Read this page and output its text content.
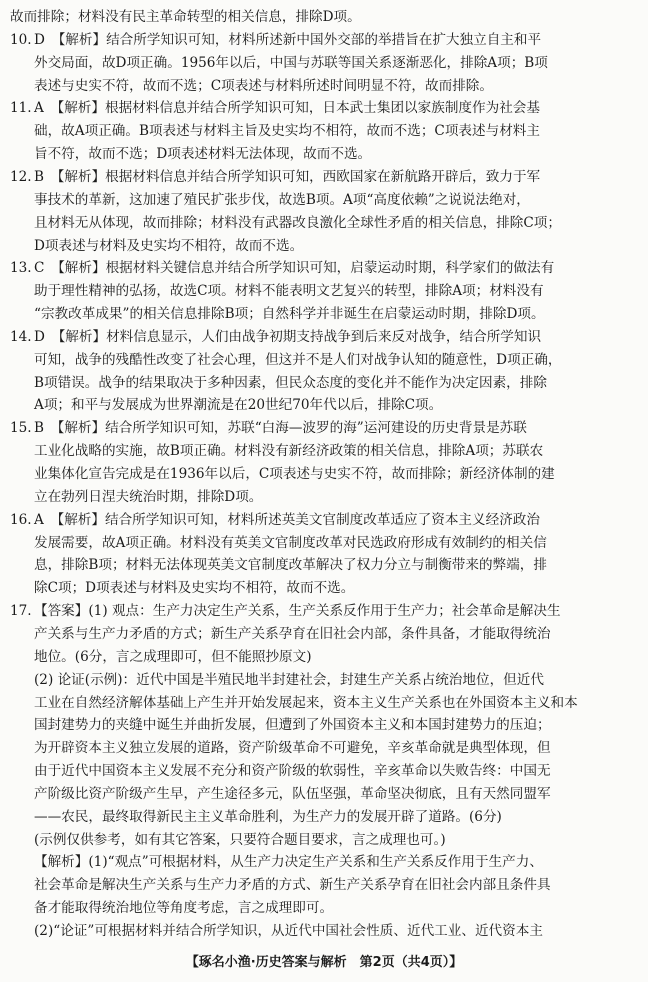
故而排除；材料没有民主革命转型的相关信息，排除D项。
10. D　【解析】结合所学知识可知，材料所述新中国外交部的举措旨在扩大独立自主和平
外交局面，故D项正确。1956年以后，中国与苏联等国关系逐渐恶化，排除A项；B项
表述与史实不符，故而不选；C项表述与材料所述时间明显不符，故而排除。
11. A　【解析】根据材料信息并结合所学知识可知，日本武士集团以家族制度作为社会基
础，故A项正确。B项表述与材料主旨及史实均不相符，故而不选；C项表述与材料主
旨不符，故而不选；D项表述材料无法体现，故而不选。
12. B　【解析】根据材料信息并结合所学知识可知，西欧国家在新航路开辟后，致力于军
事技术的革新，这加速了殖民扩张步伐，故选B项。A项“高度依赖”之说说法绝对，
且材料无从体现，故而排除；材料没有武器改良激化全球性矛盾的相关信息，排除C项；
D项表述与材料及史实均不相符，故而不选。
13. C　【解析】根据材料关键信息并结合所学知识可知，启蒙运动时期，科学家们的做法有
助于理性精神的弘扬，故选C项。材料不能表明文艺复兴的转型，排除A项；材料没有
“宗教改革成果”的相关信息排除B项；自然科学并非诞生在启蒙运动时期，排除D项。
14. D　【解析】材料信息显示，人们由战争初期支持战争到后来反对战争，结合所学知识
可知，战争的残酷性改变了社会心理，但这并不是人们对战争认知的随意性，D项正确，
B项错误。战争的结果取决于多种因素，但民众态度的变化并不能作为决定因素，排除
A项；和平与发展成为世界潮流是在20世纪70年代以后，排除C项。
15. B　【解析】结合所学知识可知，苏联“白海—波罗的海”运河建设的历史背景是苏联
工业化战略的实施，故B项正确。材料没有新经济政策的相关信息，排除A项；苏联农
业集体化宣告完成是在1936年以后，C项表述与史实不符，故而排除；新经济体制的建
立在勃列日涅夫统治时期，排除D项。
16. A　【解析】结合所学知识可知，材料所述英美文官制度改革适应了资本主义经济政治
发展需要，故A项正确。材料没有英美文官制度改革对民选政府形成有效制约的相关信
息，排除B项；材料无法体现英美文官制度改革解决了权力分立与制衡带来的弊端，排
除C项；D项表述与材料及史实均不相符，故而不选。
17. 【答案】(1) 观点：生产力决定生产关系，生产关系反作用于生产力；社会革命是解决生
产关系与生产力矛盾的方式；新生产关系孕育在旧社会内部，条件具备，才能取得统治
地位。(6分，言之成理即可，但不能照抄原文)
(2) 论证(示例)：近代中国是半殖民地半封建社会，封建生产关系占统治地位，但近代
工业在自然经济解体基础上产生并开始发展起来，资本主义生产关系也在外国资本主义和本
国封建势力的夹缝中诞生并曲折发展，但遭到了外国资本主义和本国封建势力的压迫；
为开辟资本主义独立发展的道路，资产阶级革命不可避免，辛亥革命就是典型体现，但
由于近代中国资本主义发展不充分和资产阶级的软弱性，辛亥革命以失败告终：中国无
产阶级比资产阶级产生早，产生途径多元，队伍坚强，革命坚决彻底，且有天然同盟军
——农民，最终取得新民主主义革命胜利，为生产力的发展开辟了道路。(6分)
(示例仅供参考，如有其它答案，只要符合题目要求，言之成理也可。)
【解析】(1)“观点”可根据材料，从生产力决定生产关系和生产关系反作用于生产力、
社会革命是解决生产关系与生产力矛盾的方式、新生产关系孕育在旧社会内部且条件具
备才能取得统治地位等角度考虑，言之成理即可。
(2)“论证”可根据材料并结合所学知识，从近代中国社会性质、近代工业、近代资本主
【琢名小渔·历史答案与解析　第2页（共4页）】
